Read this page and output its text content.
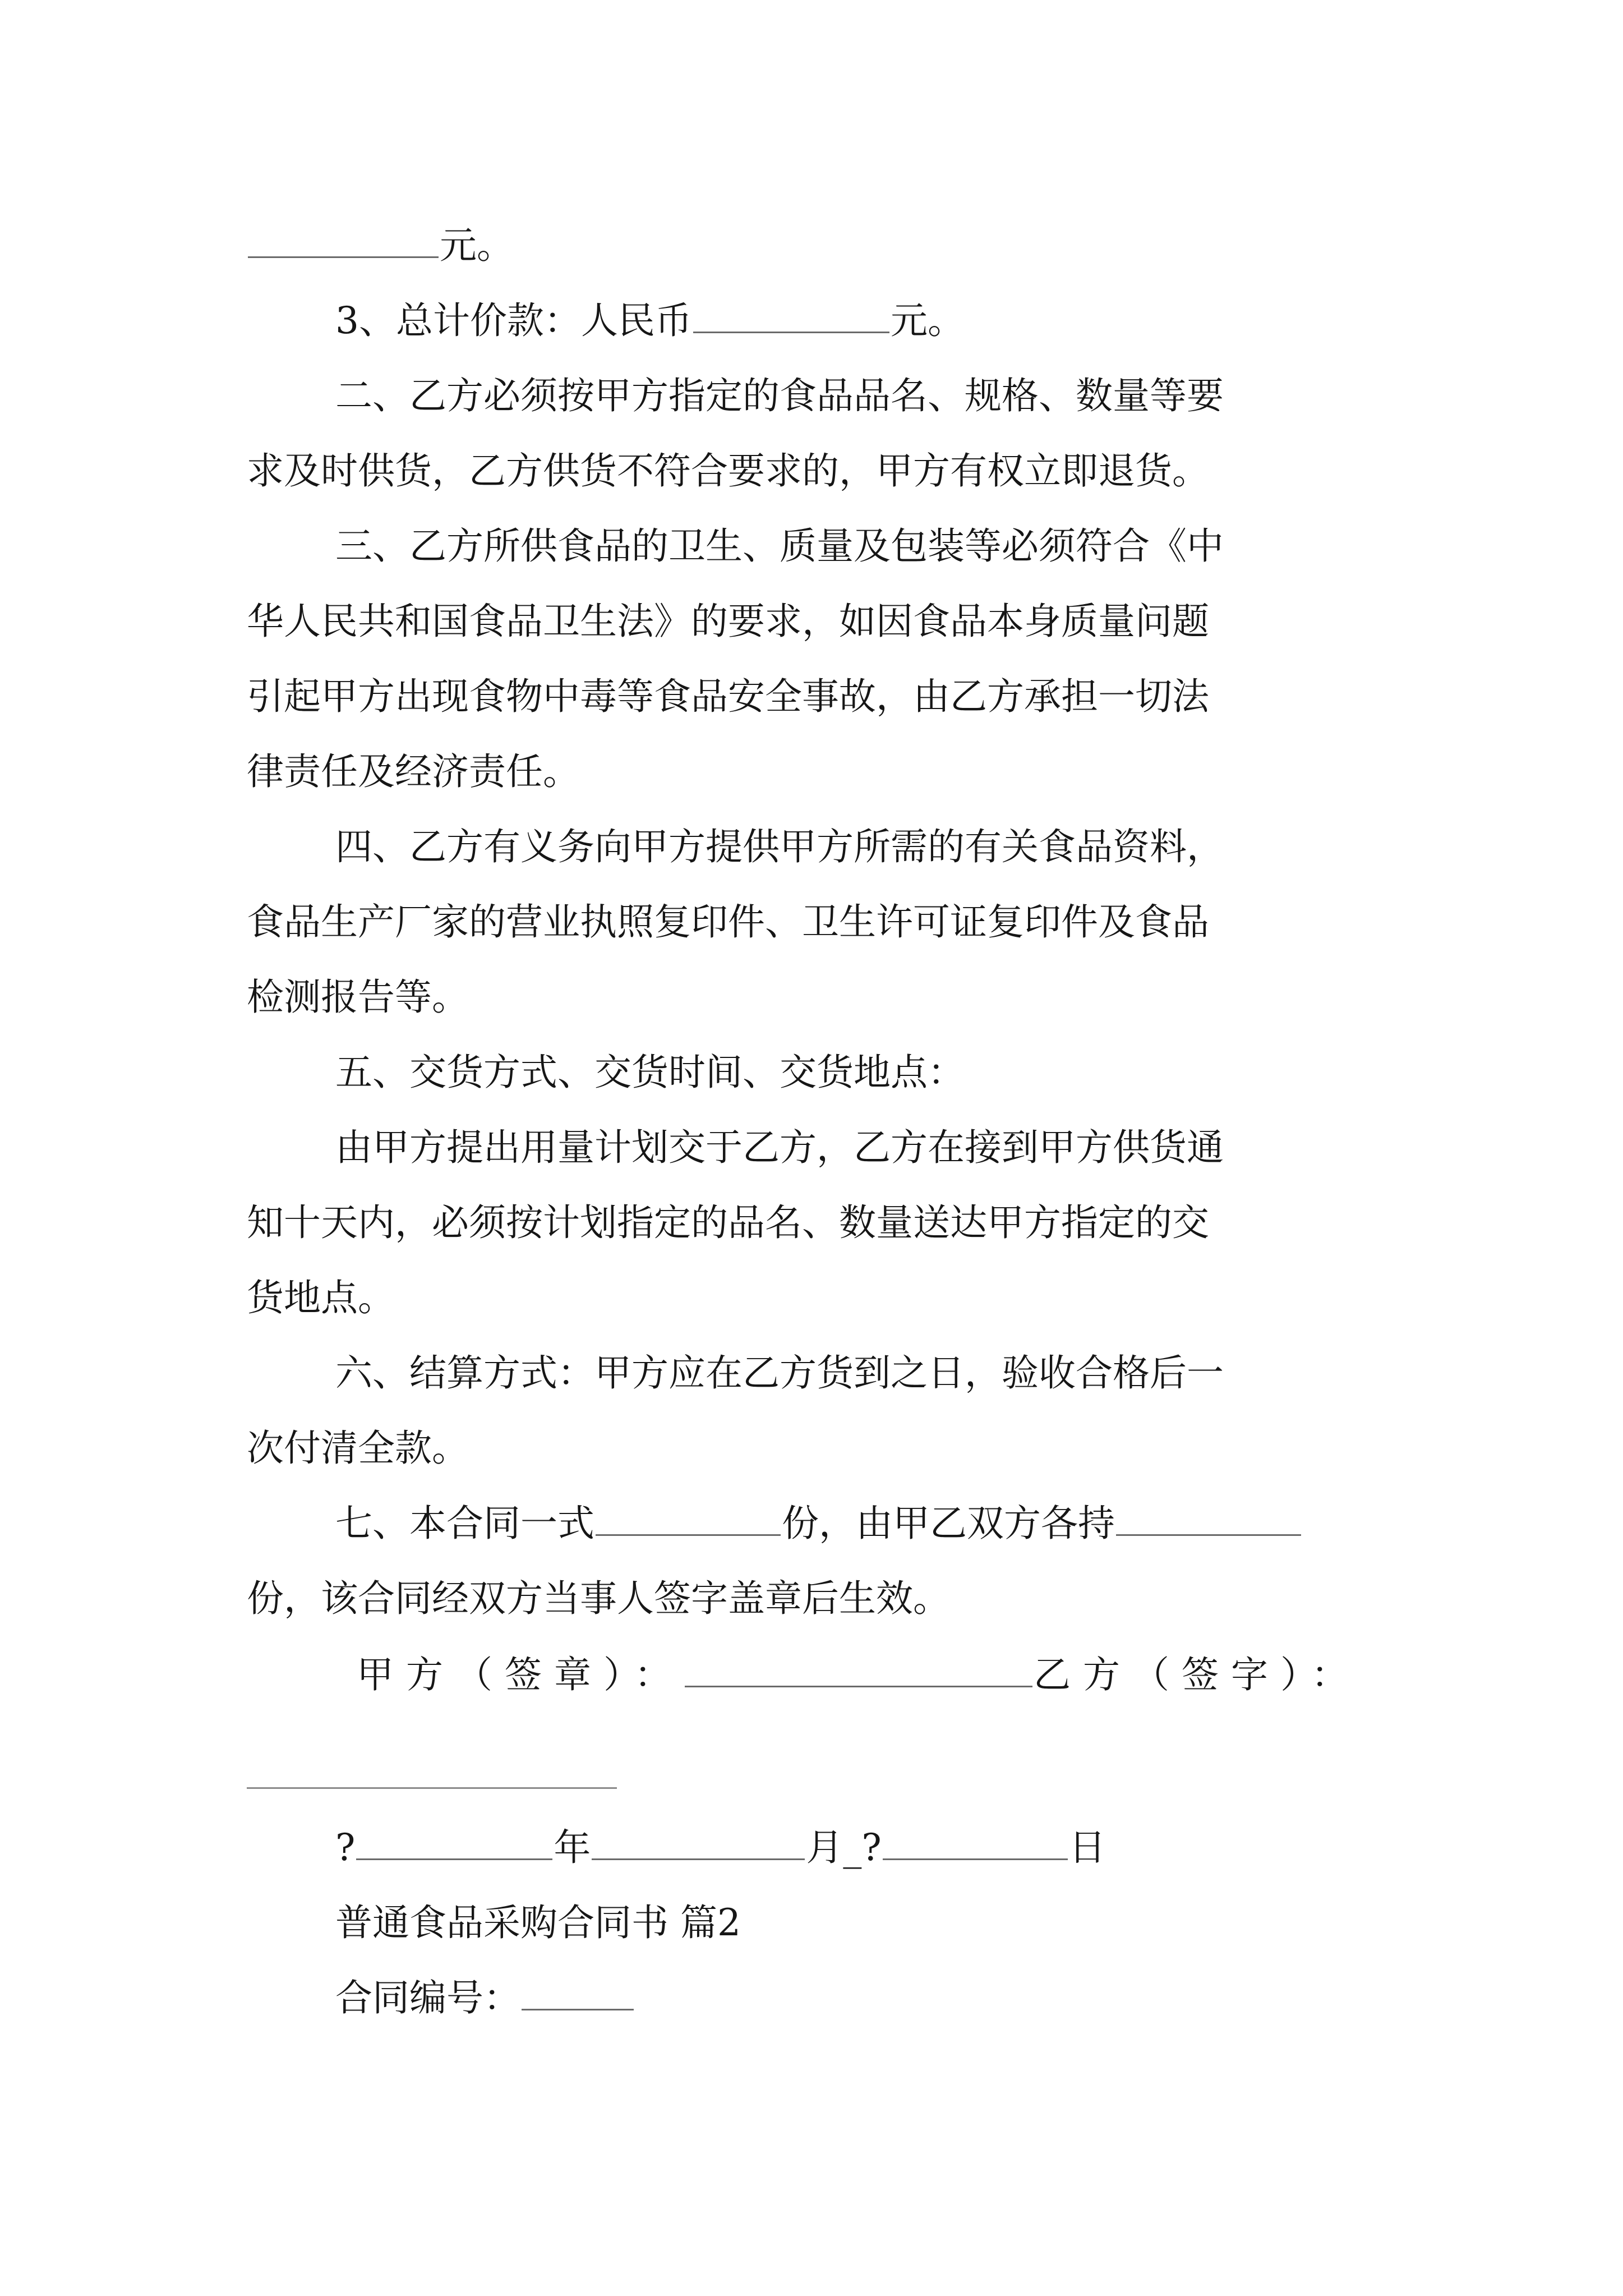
元。
3、总计价款：人民币	元。
二、乙方必须按甲方指定的食品品名、规格、数量等要
求及时供货，乙方供货不符合要求的，甲方有权立即退货。
三、乙方所供食品的卫生、质量及包装等必须符合《中
华人民共和国食品卫生法》的要求，如因食品本身质量问题
引起甲方出现食物中毒等食品安全事故，由乙方承担一切法
律责任及经济责任。
四、乙方有义务向甲方提供甲方所需的有关食品资料，
食品生产厂家的营业执照复印件、卫生许可证复印件及食品
检测报告等。
五、交货方式、交货时间、交货地点：
由甲方提出用量计划交于乙方，乙方在接到甲方供货通
知十天内，必须按计划指定的品名、数量送达甲方指定的交
货地点。
六、结算方式：甲方应在乙方货到之日，验收合格后一
次付清全款。
七、本合同一式	份，由甲乙双方各持
份，该合同经双方当事人签字盖章后生效。
甲方（签章）：	乙方（签字）：
?	年	月_?	日
普通食品采购合同书 篇2
合同编号：
